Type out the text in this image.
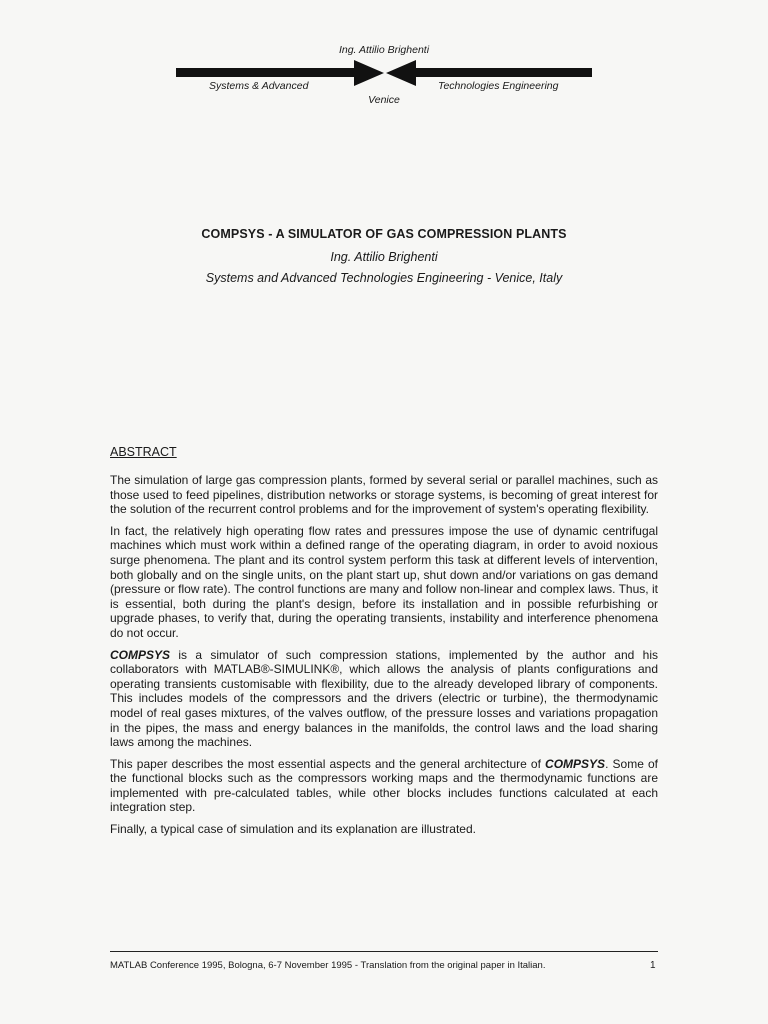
Ing. Attilio Brighenti
Systems & Advanced	Technologies Engineering
Venice
COMPSYS - A SIMULATOR OF GAS COMPRESSION PLANTS
Ing. Attilio Brighenti
Systems and Advanced Technologies Engineering - Venice, Italy
ABSTRACT

The simulation of large gas compression plants, formed by several serial or parallel machines, such as those used to feed pipelines, distribution networks or storage systems, is becoming of great interest for the solution of the recurrent control problems and for the improvement of system's operating flexibility.

In fact, the relatively high operating flow rates and pressures impose the use of dynamic centrifugal machines which must work within a defined range of the operating diagram, in order to avoid noxious surge phenomena. The plant and its control system perform this task at different levels of intervention, both globally and on the single units, on the plant start up, shut down and/or variations on gas demand (pressure or flow rate). The control functions are many and follow non-linear and complex laws. Thus, it is essential, both during the plant's design, before its installation and in possible refurbishing or upgrade phases, to verify that, during the operating transients, instability and interference phenomena do not occur.

COMPSYS is a simulator of such compression stations, implemented by the author and his collaborators with MATLAB®-SIMULINK®, which allows the analysis of plants configurations and operating transients customisable with flexibility, due to the already developed library of components. This includes models of the compressors and the drivers (electric or turbine), the thermodynamic model of real gases mixtures, of the valves outflow, of the pressure losses and variations propagation in the pipes, the mass and energy balances in the manifolds, the control laws and the load sharing laws among the machines.

This paper describes the most essential aspects and the general architecture of COMPSYS. Some of the functional blocks such as the compressors working maps and the thermodynamic functions are implemented with pre-calculated tables, while other blocks includes functions calculated at each integration step.

Finally, a typical case of simulation and its explanation are illustrated.

MATLAB Conference 1995, Bologna, 6-7 November 1995 - Translation from the original paper in Italian.	1
